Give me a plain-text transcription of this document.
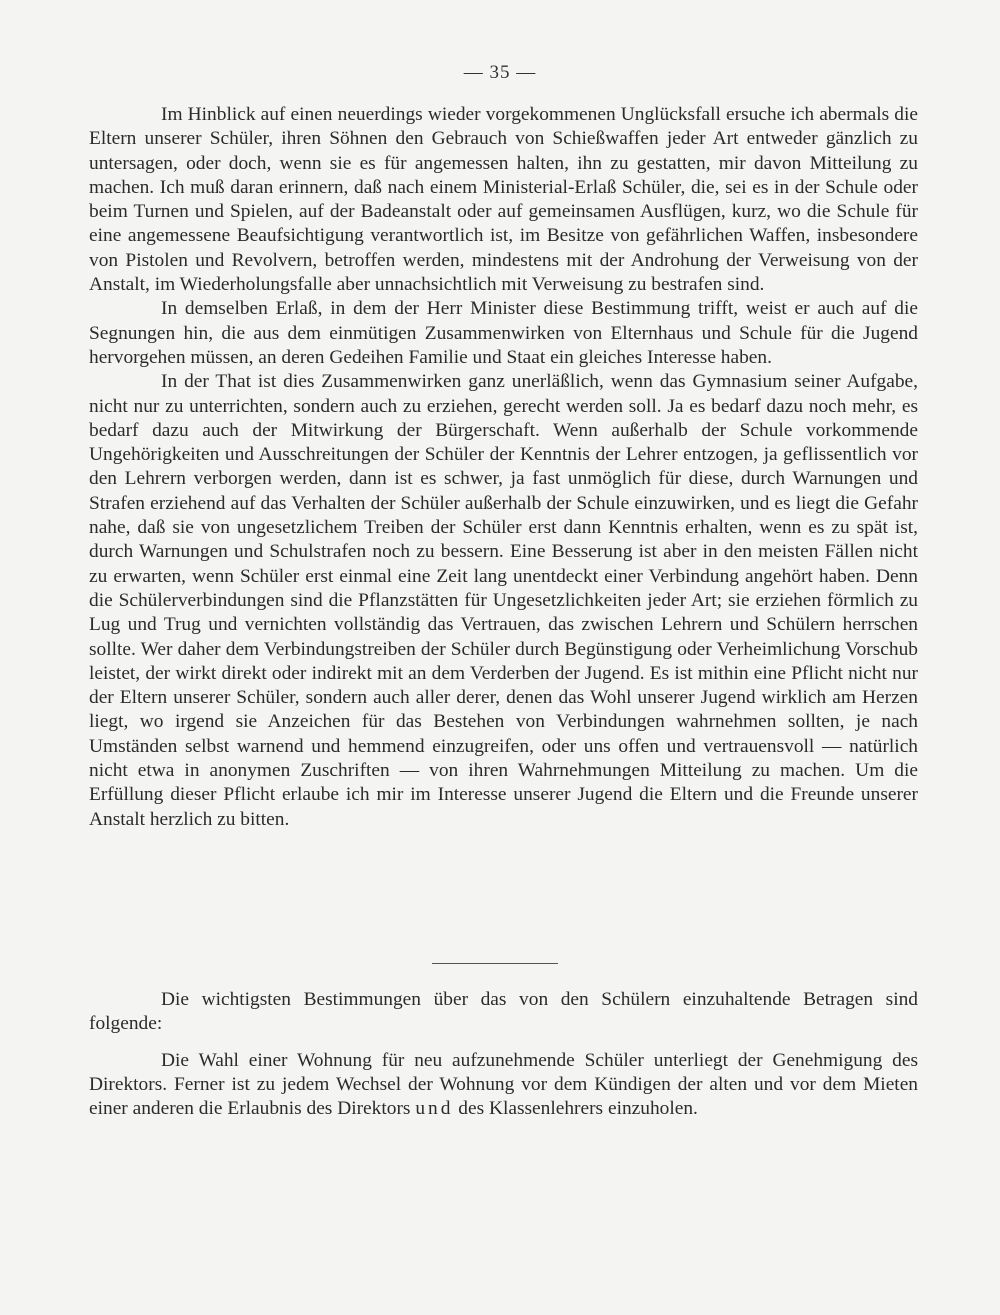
— 35 —

Im Hinblick auf einen neuerdings wieder vorgekommenen Unglücksfall ersuche ich abermals die Eltern unserer Schüler, ihren Söhnen den Gebrauch von Schießwaffen jeder Art entweder gänzlich zu untersagen, oder doch, wenn sie es für angemessen halten, ihn zu gestatten, mir davon Mitteilung zu machen. Ich muß daran erinnern, daß nach einem Ministerial-Erlaß Schüler, die, sei es in der Schule oder beim Turnen und Spielen, auf der Badeanstalt oder auf gemeinsamen Ausflügen, kurz, wo die Schule für eine angemessene Beaufsichtigung verantwortlich ist, im Besitze von gefährlichen Waffen, insbesondere von Pistolen und Revolvern, betroffen werden, mindestens mit der Androhung der Verweisung von der Anstalt, im Wiederholungsfalle aber unnachsichtlich mit Verweisung zu bestrafen sind.

In demselben Erlaß, in dem der Herr Minister diese Bestimmung trifft, weist er auch auf die Segnungen hin, die aus dem einmütigen Zusammenwirken von Elternhaus und Schule für die Jugend hervorgehen müssen, an deren Gedeihen Familie und Staat ein gleiches Interesse haben.

In der That ist dies Zusammenwirken ganz unerläßlich, wenn das Gymnasium seiner Aufgabe, nicht nur zu unterrichten, sondern auch zu erziehen, gerecht werden soll. Ja es bedarf dazu noch mehr, es bedarf dazu auch der Mitwirkung der Bürgerschaft. Wenn außerhalb der Schule vorkommende Ungehörigkeiten und Ausschreitungen der Schüler der Kenntnis der Lehrer entzogen, ja geflissentlich vor den Lehrern verborgen werden, dann ist es schwer, ja fast unmöglich für diese, durch Warnungen und Strafen erziehend auf das Verhalten der Schüler außerhalb der Schule einzuwirken, und es liegt die Gefahr nahe, daß sie von ungesetzlichem Treiben der Schüler erst dann Kenntnis erhalten, wenn es zu spät ist, durch Warnungen und Schulstrafen noch zu bessern. Eine Besserung ist aber in den meisten Fällen nicht zu erwarten, wenn Schüler erst einmal eine Zeit lang unentdeckt einer Verbindung angehört haben. Denn die Schülerverbindungen sind die Pflanzstätten für Ungesetzlichkeiten jeder Art; sie erziehen förmlich zu Lug und Trug und vernichten vollständig das Vertrauen, das zwischen Lehrern und Schülern herrschen sollte. Wer daher dem Verbindungstreiben der Schüler durch Begünstigung oder Verheimlichung Vorschub leistet, der wirkt direkt oder indirekt mit an dem Verderben der Jugend. Es ist mithin eine Pflicht nicht nur der Eltern unserer Schüler, sondern auch aller derer, denen das Wohl unserer Jugend wirklich am Herzen liegt, wo irgend sie Anzeichen für das Bestehen von Verbindungen wahrnehmen sollten, je nach Umständen selbst warnend und hemmend einzugreifen, oder uns offen und vertrauensvoll — natürlich nicht etwa in anonymen Zuschriften — von ihren Wahrnehmungen Mitteilung zu machen. Um die Erfüllung dieser Pflicht erlaube ich mir im Interesse unserer Jugend die Eltern und die Freunde unserer Anstalt herzlich zu bitten.

Die wichtigsten Bestimmungen über das von den Schülern einzuhaltende Betragen sind folgende:

Die Wahl einer Wohnung für neu aufzunehmende Schüler unterliegt der Genehmigung des Direktors. Ferner ist zu jedem Wechsel der Wohnung vor dem Kündigen der alten und vor dem Mieten einer anderen die Erlaubnis des Direktors und des Klassenlehrers einzuholen.
